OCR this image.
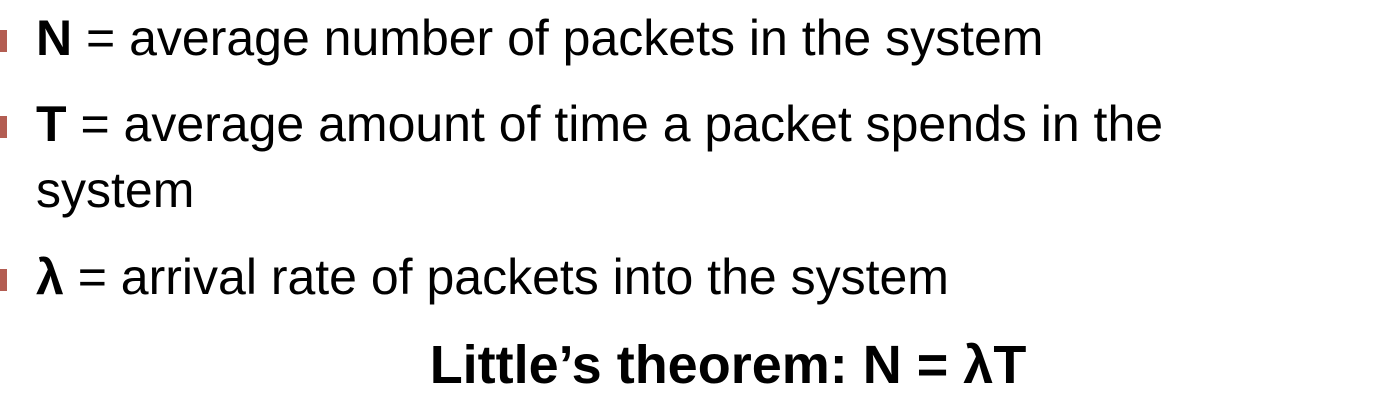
N = average number of packets in the system
T = average amount of time a packet spends in the
system
λ = arrival rate of packets into the system
Little’s theorem: N = λT
